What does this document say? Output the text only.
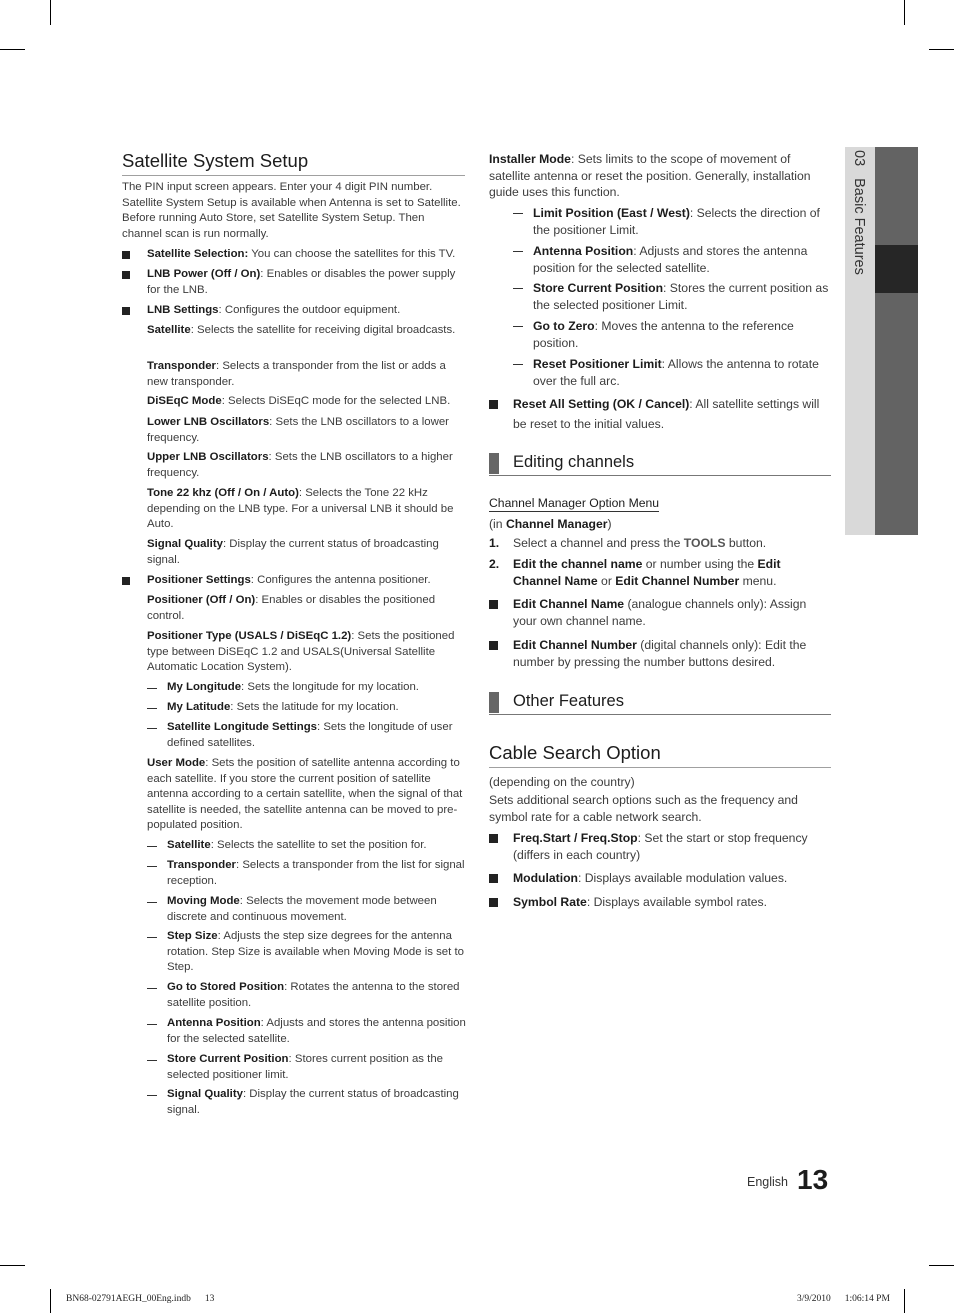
03Basic Features
Satellite System Setup
The PIN input screen appears. Enter your 4 digit PIN number. Satellite System Setup is available when Antenna is set to Satellite. Before running Auto Store, set Satellite System Setup. Then channel scan is run normally.
Satellite Selection: You can choose the satellites for this TV.
LNB Power (Off / On): Enables or disables the power supply for the LNB.
LNB Settings: Configures the outdoor equipment.
Satellite: Selects the satellite for receiving digital broadcasts.
Transponder: Selects a transponder from the list or adds a new transponder.
DiSEqC Mode: Selects DiSEqC mode for the selected LNB.
Lower LNB Oscillators: Sets the LNB oscillators to a lower frequency.
Upper LNB Oscillators: Sets the LNB oscillators to a higher frequency.
Tone 22 khz (Off / On / Auto): Selects the Tone 22 kHz depending on the LNB type. For a universal LNB it should be Auto.
Signal Quality: Display the current status of broadcasting signal.
Positioner Settings: Configures the antenna positioner.
Positioner (Off / On): Enables or disables the positioned control.
Positioner Type (USALS / DiSEqC 1.2): Sets the positioned type between DiSEqC 1.2 and USALS(Universal Satellite Automatic Location System).
My Longitude: Sets the longitude for my location.
My Latitude: Sets the latitude for my location.
Satellite Longitude Settings: Sets the longitude of user defined satellites.
User Mode: Sets the position of satellite antenna according to each satellite. If you store the current position of satellite antenna according to a certain satellite, when the signal of that satellite is needed, the satellite antenna can be moved to pre-populated position.
Satellite: Selects the satellite to set the position for.
Transponder: Selects a transponder from the list for signal reception.
Moving Mode: Selects the movement mode between discrete and continuous movement.
Step Size: Adjusts the step size degrees for the antenna rotation. Step Size is available when Moving Mode is set to Step.
Go to Stored Position: Rotates the antenna to the stored satellite position.
Antenna Position: Adjusts and stores the antenna position for the selected satellite.
Store Current Position: Stores current position as the selected positioner limit.
Signal Quality: Display the current status of broadcasting signal.
Installer Mode: Sets limits to the scope of movement of satellite antenna or reset the position. Generally, installation guide uses this function.
Limit Position (East / West): Selects the direction of the positioner Limit.
Antenna Position: Adjusts and stores the antenna position for the selected satellite.
Store Current Position: Stores the current position as the selected positioner Limit.
Go to Zero: Moves the antenna to the reference position.
Reset Positioner Limit: Allows the antenna to rotate over the full arc.
Reset All Setting (OK / Cancel): All satellite settings will be reset to the initial values.
Editing channels
Channel Manager Option Menu
(in Channel Manager)
1. Select a channel and press the TOOLS button.
2. Edit the channel name or number using the Edit Channel Name or Edit Channel Number menu.
Edit Channel Name (analogue channels only): Assign your own channel name.
Edit Channel Number (digital channels only): Edit the number by pressing the number buttons desired.
Other Features
Cable Search Option
(depending on the country)
Sets additional search options such as the frequency and symbol rate for a cable network search.
Freq.Start / Freq.Stop: Set the start or stop frequency (differs in each country)
Modulation: Displays available modulation values.
Symbol Rate: Displays available symbol rates.
English 13
BN68-02791AEGH_00Eng.indb 13	3/9/2010 1:06:14 PM
